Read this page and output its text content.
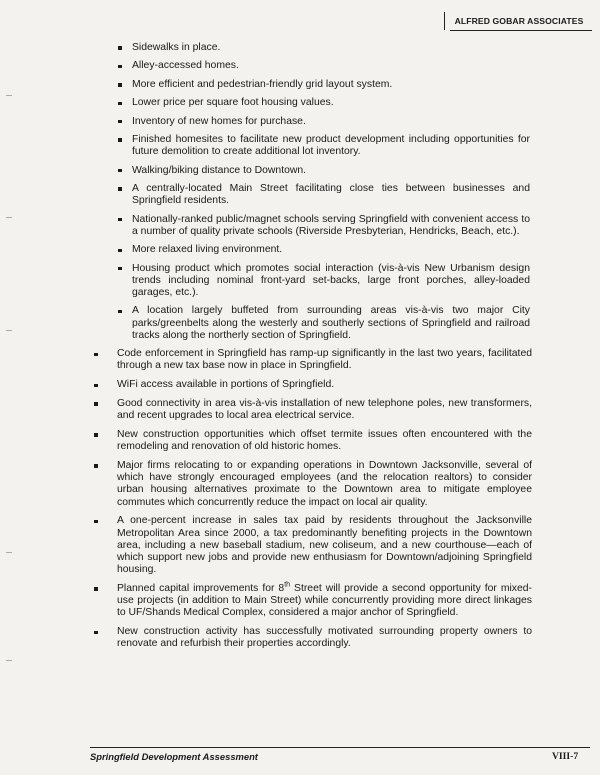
ALFRED GOBAR ASSOCIATES
Sidewalks in place.
Alley-accessed homes.
More efficient and pedestrian-friendly grid layout system.
Lower price per square foot housing values.
Inventory of new homes for purchase.
Finished homesites to facilitate new product development including opportunities for future demolition to create additional lot inventory.
Walking/biking distance to Downtown.
A centrally-located Main Street facilitating close ties between businesses and Springfield residents.
Nationally-ranked public/magnet schools serving Springfield with convenient access to a number of quality private schools (Riverside Presbyterian, Hendricks, Beach, etc.).
More relaxed living environment.
Housing product which promotes social interaction (vis-à-vis New Urbanism design trends including nominal front-yard set-backs, large front porches, alley-loaded garages, etc.).
A location largely buffeted from surrounding areas vis-à-vis two major City parks/greenbelts along the westerly and southerly sections of Springfield and railroad tracks along the northerly section of Springfield.
Code enforcement in Springfield has ramp-up significantly in the last two years, facilitated through a new tax base now in place in Springfield.
WiFi access available in portions of Springfield.
Good connectivity in area vis-à-vis installation of new telephone poles, new transformers, and recent upgrades to local area electrical service.
New construction opportunities which offset termite issues often encountered with the remodeling and renovation of old historic homes.
Major firms relocating to or expanding operations in Downtown Jacksonville, several of which have strongly encouraged employees (and the relocation realtors) to consider urban housing alternatives proximate to the Downtown area to mitigate employee commutes which concurrently reduce the impact on local air quality.
A one-percent increase in sales tax paid by residents throughout the Jacksonville Metropolitan Area since 2000, a tax predominantly benefiting projects in the Downtown area, including a new baseball stadium, new coliseum, and a new courthouse—each of which support new jobs and provide new enthusiasm for Downtown/adjoining Springfield housing.
Planned capital improvements for 8th Street will provide a second opportunity for mixed-use projects (in addition to Main Street) while concurrently providing more direct linkages to UF/Shands Medical Complex, considered a major anchor of Springfield.
New construction activity has successfully motivated surrounding property owners to renovate and refurbish their properties accordingly.
Springfield Development Assessment	VIII-7
